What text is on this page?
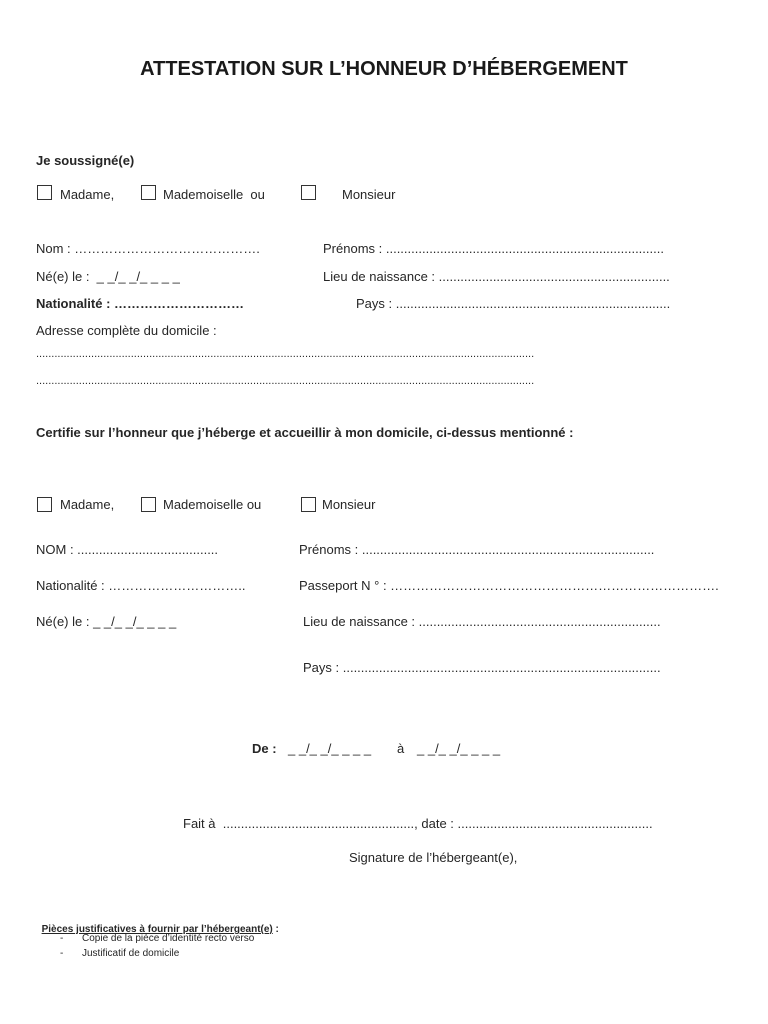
ATTESTATION SUR L’HONNEUR D’HÉBERGEMENT
Je soussigné(e)
Madame,	Mademoiselle  ou	Monsieur
Nom : …………………………………….	Prénoms : .............................................................................
Né(e) le :  _ _/_ _/_ _ _ _	Lieu de naissance : ................................................................
Nationalité : …………………………	Pays : ............................................................................
Adresse complète du domicile :
...................................................................................................................................................................
...................................................................................................................................................................
Certifie sur l’honneur que j’héberge et accueillir à mon domicile, ci-dessus mentionné :
Madame,	Mademoiselle ou	Monsieur
NOM : .......................................	Prénoms : .................................................................................
Nationalité : …………………………..	Passeport N ° : ………………………………………………………………….
Né(e) le : _ _/_ _/_ _ _ _	Lieu de naissance : ...................................................................
Pays : ........................................................................................
De : _ _/_ _/_ _ _ _ à _ _/_ _/_ _ _ _
Fait à  ....................................................., date : ......................................................
Signature de l’hébergeant(e),

Pièces justificatives à fournir par l’hébergeant(e) :

- Copie de la pièce d’identité recto verso
- Justificatif de domicile
